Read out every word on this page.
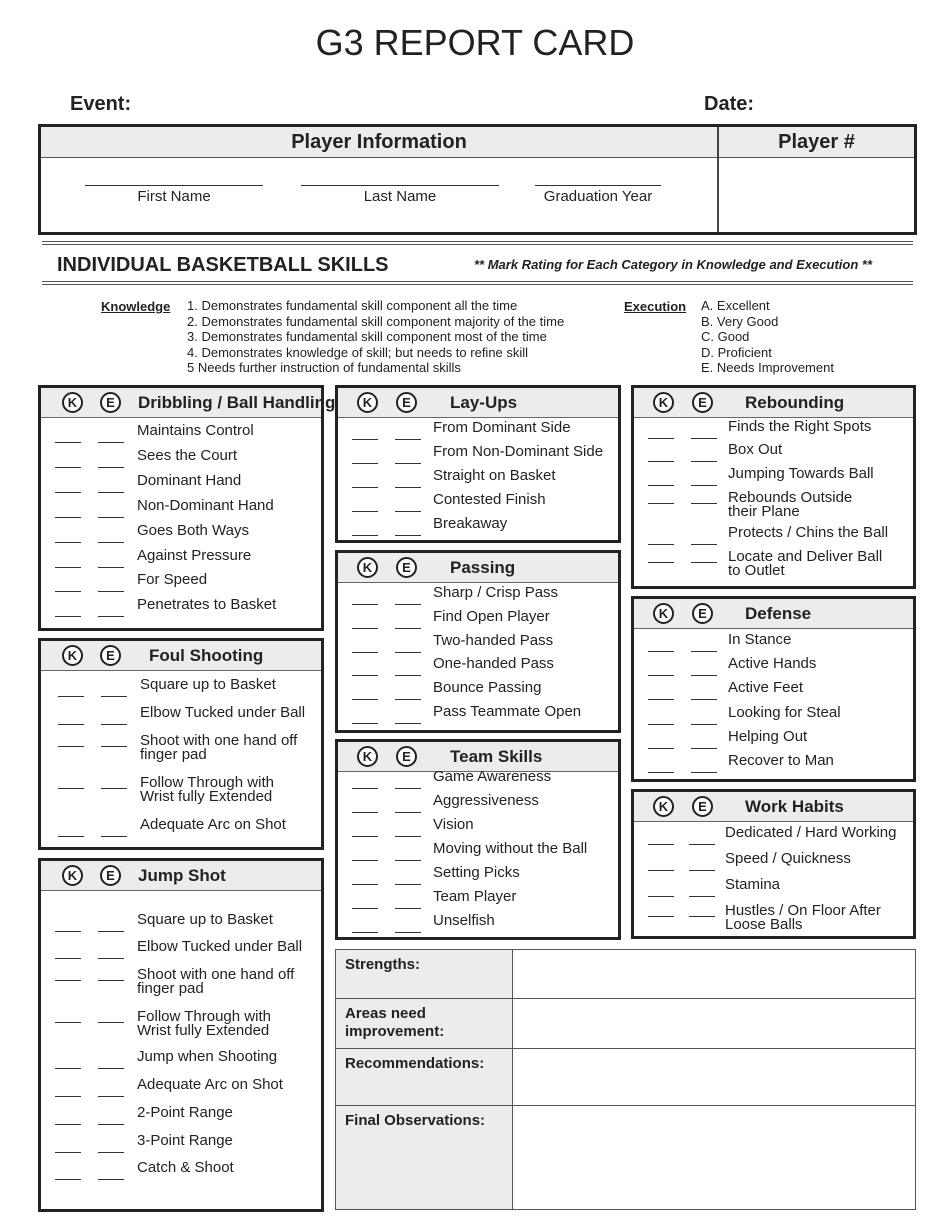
G3 REPORT CARD
Event:	Date:
Player Information	Player #
First Name	Last Name	Graduation Year
INDIVIDUAL BASKETBALL SKILLS	** Mark Rating for Each Category in Knowledge and Execution **
Knowledge 1. Demonstrates fundamental skill component all the time
2. Demonstrates fundamental skill component majority of the time
3. Demonstrates fundamental skill component most of the time
4. Demonstrates knowledge of skill; but needs to refine skill
5 Needs further instruction of fundamental skills
Execution A. Excellent
B. Very Good
C. Good
D. Proficient
E. Needs Improvement
K	E	Dribbling / Ball Handling
Maintains Control
Sees the Court
Dominant Hand
Non-Dominant Hand
Goes Both Ways
Against Pressure
For Speed
Penetrates to Basket
K	E	Foul Shooting
Square up to Basket
Elbow Tucked under Ball
Shoot with one hand off
finger pad
Follow Through with
Wrist fully Extended
Adequate Arc on Shot
K	E	Jump Shot
Square up to Basket
Elbow Tucked under Ball
Shoot with one hand off
finger pad
Follow Through with
Wrist fully Extended
Jump when Shooting
Adequate Arc on Shot
2-Point Range
3-Point Range
Catch & Shoot
K	E	Lay-Ups
From Dominant Side
From Non-Dominant Side
Straight on Basket
Contested Finish
Breakaway
K	E	Passing
Sharp / Crisp Pass
Find Open Player
Two-handed Pass
One-handed Pass
Bounce Passing
Pass Teammate Open
K	E	Team Skills
Game Awareness
Aggressiveness
Vision
Moving without the Ball
Setting Picks
Team Player
Unselfish
K	E	Rebounding
Finds the Right Spots
Box Out
Jumping Towards Ball
Rebounds Outside
their Plane
Protects / Chins the Ball
Locate and Deliver Ball
to Outlet
K	E	Defense
In Stance
Active Hands
Active Feet
Looking for Steal
Helping Out
Recover to Man
K	E	Work Habits
Dedicated / Hard Working
Speed / Quickness
Stamina
Hustles / On Floor After
Loose Balls
Strengths:
Areas need
improvement:
Recommendations:
Final Observations:
